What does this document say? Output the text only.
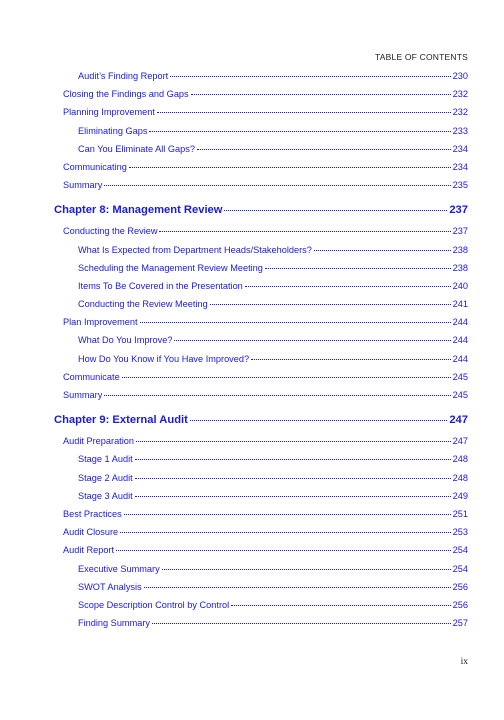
TABLE OF CONTENTS
Audit’s Finding Report	230
Closing the Findings and Gaps	232
Planning Improvement	232
Eliminating Gaps	233
Can You Eliminate All Gaps?	234
Communicating	234
Summary	235
Chapter 8: Management Review	237
Conducting the Review	237
What Is Expected from Department Heads/Stakeholders?	238
Scheduling the Management Review Meeting	238
Items To Be Covered in the Presentation	240
Conducting the Review Meeting	241
Plan Improvement	244
What Do You Improve?	244
How Do You Know if You Have Improved?	244
Communicate	245
Summary	245
Chapter 9: External Audit	247
Audit Preparation	247
Stage 1 Audit	248
Stage 2 Audit	248
Stage 3 Audit	249
Best Practices	251
Audit Closure	253
Audit Report	254
Executive Summary	254
SWOT Analysis	256
Scope Description Control by Control	256
Finding Summary	257
ix
